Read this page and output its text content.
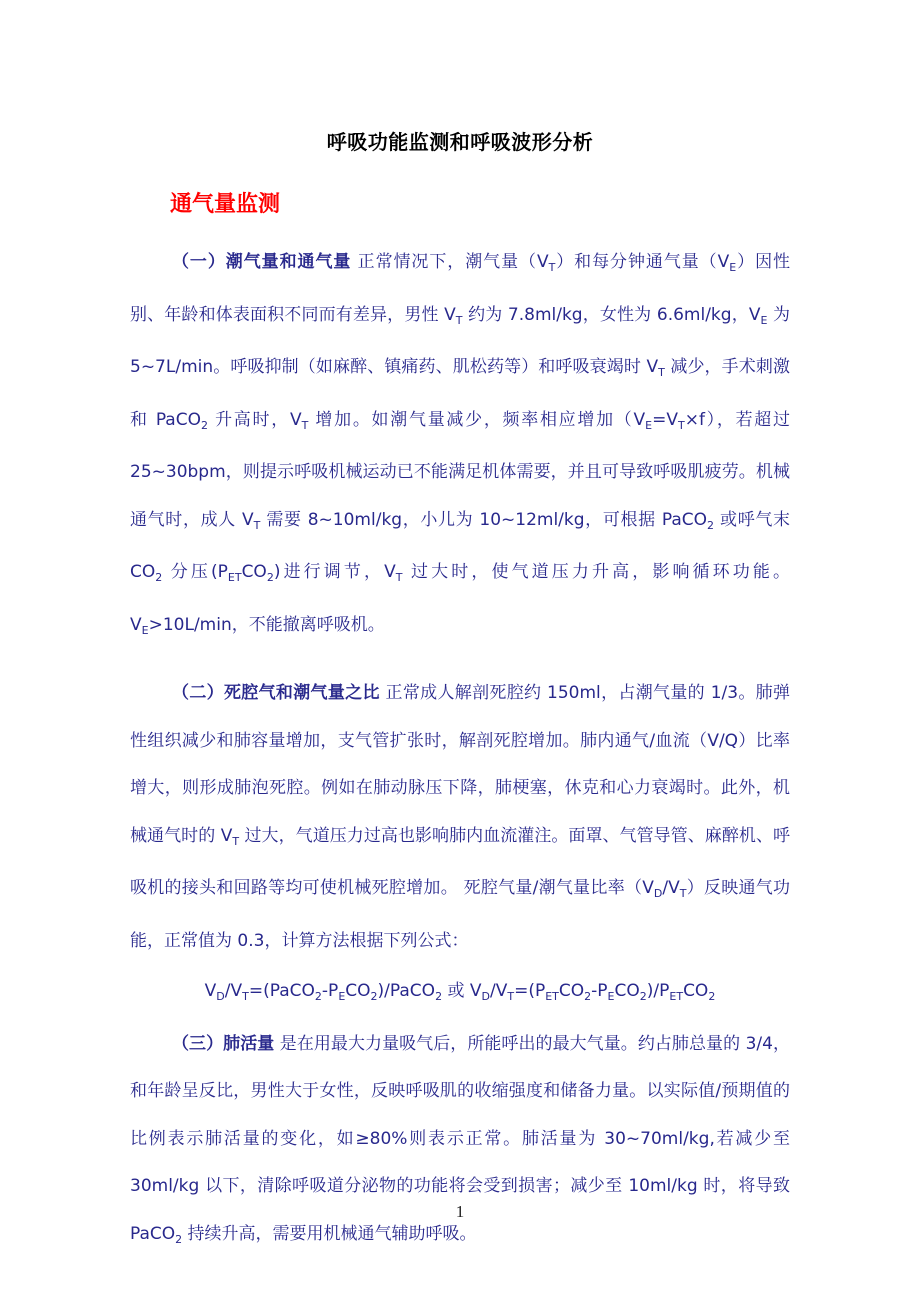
呼吸功能监测和呼吸波形分析
通气量监测

（一）潮气量和通气量 正常情况下，潮气量$(V_T)$和每分钟通气量$(V_E)$因性别、年龄和体表面积不同而有差异，男性 $V_T$ 约为 7.8ml/kg，女性为 6.6ml/kg，$V_E$ 为 5~7L/min。呼吸抑制（如麻醉、镇痛药、肌松药等）和呼吸衰竭时 $V_T$ 减少，手术刺激和 PaCO$_2$ 升高时，$V_T$ 增加。如潮气量减少，频率相应增加$(V_E=V_T\times f)$，若超过 25~30bpm，则提示呼吸机械运动已不能满足机体需要，并且可导致呼吸肌疲劳。机械通气时，成人 $V_T$ 需要 8~10ml/kg，小儿为 10~12ml/kg，可根据 PaCO$_2$ 或呼气末 $CO_2$ 分压$(P_{ET}CO_2)$进行调节，$V_T$ 过大时，使气道压力升高，影响循环功能。$V_E>10L/\min$，不能撤离呼吸机。

（二）死腔气和潮气量之比 正常成人解剖死腔约 150ml，占潮气量的 1/3。肺弹性组织减少和肺容量增加，支气管扩张时，解剖死腔增加。肺内通气/血流（V/Q）比率增大，则形成肺泡死腔。例如在肺动脉压下降，肺梗塞，休克和心力衰竭时。此外，机械通气时的 $V_T$ 过大，气道压力过高也影响肺内血流灌注。面罩、气管导管、麻醉机、呼吸机的接头和回路等均可使机械死腔增加。 死腔气量/潮气量比率$(V_D/V_T)$反映通气功能，正常值为 0.3，计算方法根据下列公式：

$V_D/V_T=(PaCO_2-P_ECO_2)/PaCO_2$ 或 $V_D/V_T=(P_{ET}CO_2-P_ECO_2)/P_{ET}CO_2$

（三）肺活量 是在用最大力量吸气后，所能呼出的最大气量。约占肺总量的 3/4，和年龄呈反比，男性大于女性，反映呼吸肌的收缩强度和储备力量。以实际值/预期值的比例表示肺活量的变化，如≥80%则表示正常。肺活量为 30~70ml/kg,若减少至 30ml/kg 以下，清除呼吸道分泌物的功能将会受到损害；减少至 10ml/kg 时，将导致 PaCO$_2$ 持续升高，需要用机械通气辅助呼吸。

1
